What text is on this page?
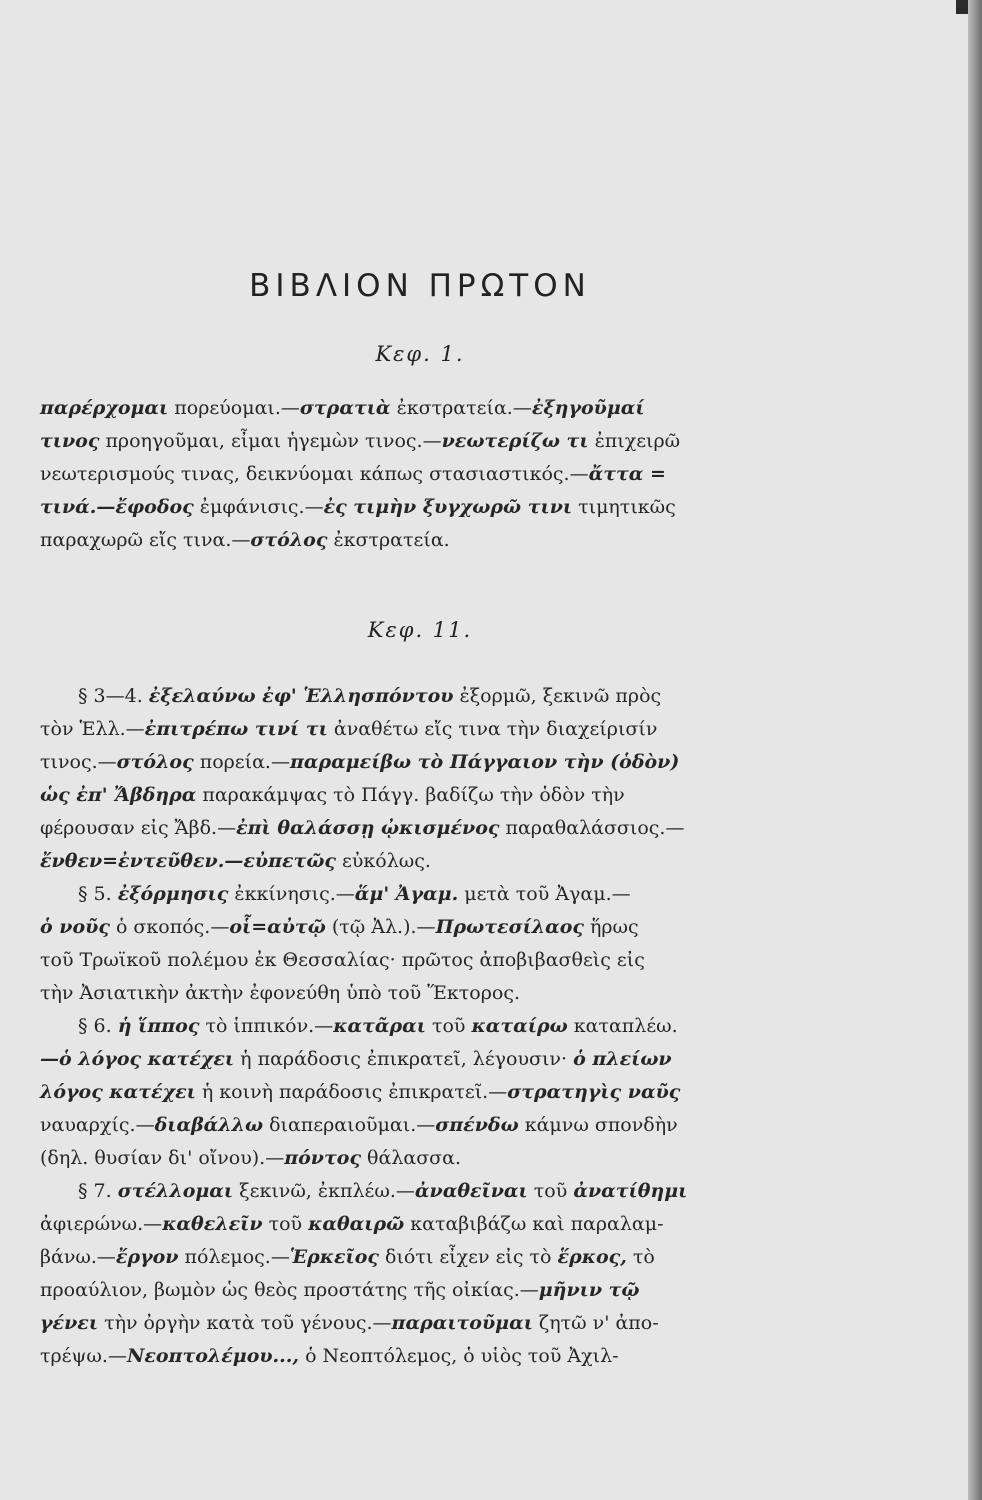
ΒΙΒΛΙΟΝ ΠΡΩΤΟΝ
Κεφ. 1.
παρέρχομαι πορεύομαι.—στρατιὰ ἐκστρατεία.—ἐξηγοῦμαί
τινος προηγοῦμαι, εἶμαι ἡγεμὼν τινος.—νεωτερίζω τι ἐπιχειρῶ
νεωτερισμούς τινας, δεικνύομαι κάπως στασιαστικός.—ἄττα =
τινά.—ἔφοδος ἐμφάνισις.—ἐς τιμὴν ξυγχωρῶ τινι τιμητικῶς
παραχωρῶ εἴς τινα.—στόλος ἐκστρατεία.
Κεφ. 11.
§ 3—4. ἐξελαύνω ἐφ' Ἑλλησπόντου ἐξορμῶ, ξεκινῶ πρὸς
τὸν Ἑλλ.—ἐπιτρέπω τινί τι ἀναθέτω εἴς τινα τὴν διαχείρισίν
τινος.—στόλος πορεία.—παραμείβω τὸ Πάγγαιον τὴν (ὁδὸν)
ὡς ἐπ' Ἄβδηρα παρακάμψας τὸ Πάγγ. βαδίζω τὴν ὁδὸν τὴν
φέρουσαν εἰς Ἄβδ.—ἐπὶ θαλάσσῃ ᾠκισμένος παραθαλάσσιος.—
ἔνθεν=ἐντεῦθεν.—εὐπετῶς εὐκόλως.
§ 5. ἐξόρμησις ἐκκίνησις.—ἅμ' Ἀγαμ. μετὰ τοῦ Ἀγαμ.—
ὁ νοῦς ὁ σκοπός.—οἷ=αὐτῷ (τῷ Ἀλ.).—Πρωτεσίλαος ἥρως
τοῦ Τρωϊκοῦ πολέμου ἐκ Θεσσαλίας· πρῶτος ἀποβιβασθεὶς εἰς
τὴν Ἀσιατικὴν ἀκτὴν ἐφονεύθη ὑπὸ τοῦ Ἕκτορος.
§ 6. ἡ ἵππος τὸ ἱππικόν.—κατᾶραι τοῦ καταίρω καταπλέω.
—ὁ λόγος κατέχει ἡ παράδοσις ἐπικρατεῖ, λέγουσιν· ὁ πλείων
λόγος κατέχει ἡ κοινὴ παράδοσις ἐπικρατεῖ.—στρατηγὶς ναῦς
ναυαρχίς.—διαβάλλω διαπεραιοῦμαι.—σπένδω κάμνω σπονδὴν
(δηλ. θυσίαν δι' οἴνου).—πόντος θάλασσα.
§ 7. στέλλομαι ξεκινῶ, ἐκπλέω.—ἀναθεῖναι τοῦ ἀνατίθημι
ἀφιερώνω.—καθελεῖν τοῦ καθαιρῶ καταβιβάζω καὶ παραλαμ-
βάνω.—ἔργον πόλεμος.—Ἑρκεῖος διότι εἶχεν εἰς τὸ ἕρκος, τὸ
προαύλιον, βωμὸν ὡς θεὸς προστάτης τῆς οἰκίας.—μῆνιν τῷ
γένει τὴν ὀργὴν κατὰ τοῦ γένους.—παραιτοῦμαι ζητῶ ν' ἀπο-
τρέψω.—Νεοπτολέμου..., ὁ Νεοπτόλεμος, ὁ υἱὸς τοῦ Ἀχιλ-
